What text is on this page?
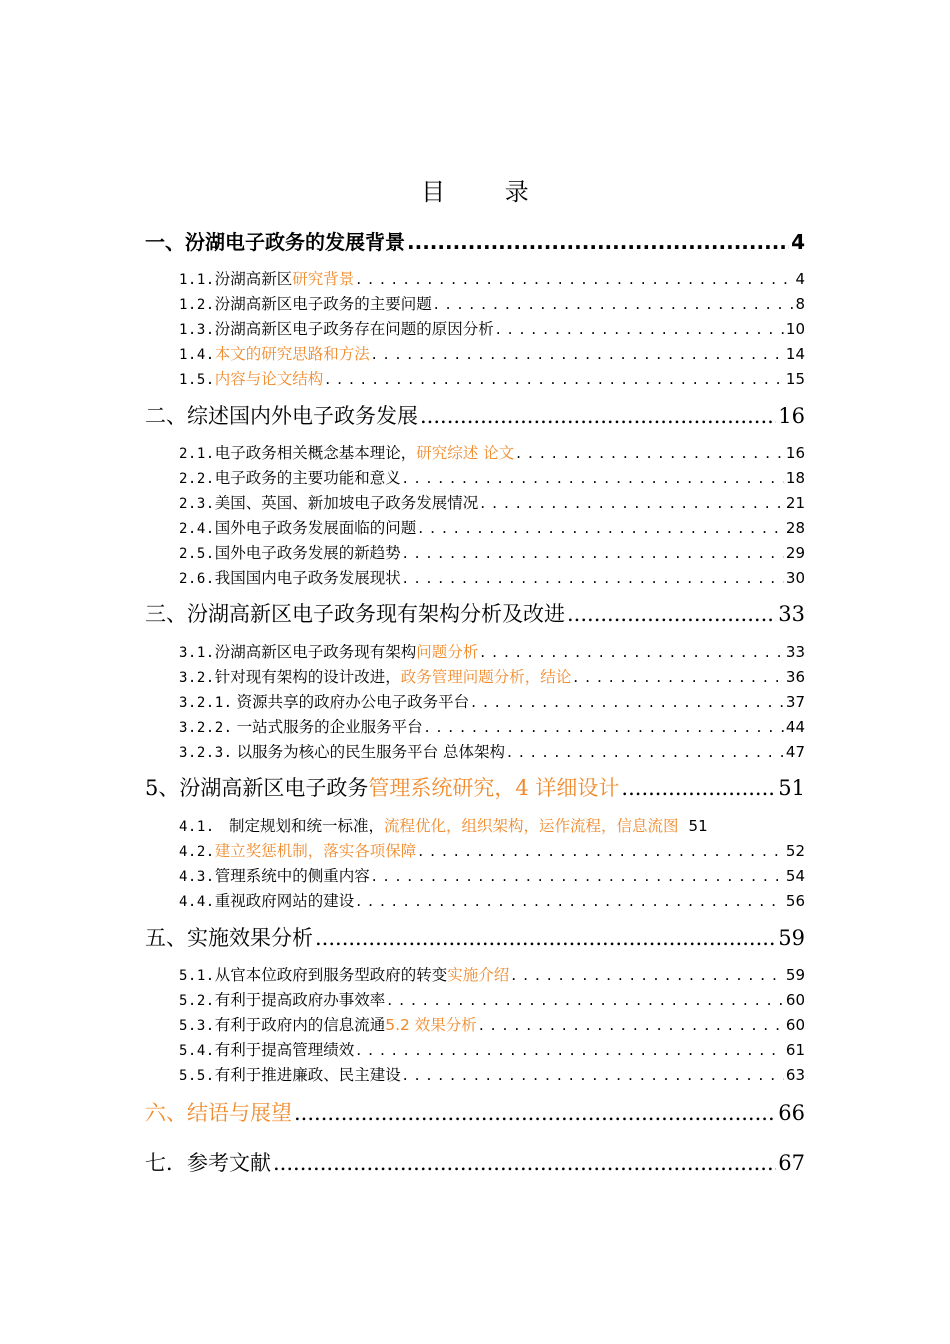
目 录
一、 汾湖电子政务的发展背景 .....	4
1.1. 汾湖高新区 研究背景 . . .	4
1.2. 汾湖高新区电子政务的主要问题 . . .	8
1.3. 汾湖高新区电子政务存在问题的原因分析 . . .	10
1.4. 本文的研究思路和方法 . . .	14
1.5. 内容与论文结构 . . .	15
二、 综述国内外电子政务发展 .....	16
2.1. 电子政务相关概念基本理论， 研究综述 论文 . . .	16
2.2. 电子政务的主要功能和意义 . . .	18
2.3. 美国、英国、新加坡电子政务发展情况 . . .	21
2.4. 国外电子政务发展面临的问题 . . .	28
2.5. 国外电子政务发展的新趋势 . . .	29
2.6. 我国国内电子政务发展现状 . . .	30
三、 汾湖高新区电子政务现有架构分析及改进 .....	33
3.1. 汾湖高新区电子政务现有架构 问题分析 . . .	33
3.2. 针对现有架构的设计改进， 政务管理问题分析，结论 . . .	36
3.2.1. 资源共享的政府办公电子政务平台 . . .	37
3.2.2. 一站式服务的企业服务平台 . . .	44
3.2.3. 以服务为核心的民生服务平台 总体架构 . . .	47
5、 汾湖高新区电子政务 管理系统研究，4 详细设计 .....	51
4.1. 制定规划和统一标准， 流程优化，组织架构，运作流程，信息流图 51
4.2. 建立奖惩机制，落实各项保障 . . .	52
4.3. 管理系统中的侧重内容 . . .	54
4.4. 重视政府网站的建设 . . .	56
五、 实施效果分析 .....	59
5.1. 从官本位政府到服务型政府的转变 实施介绍 . . .	59
5.2. 有利于提高政府办事效率 . . .	60
5.3. 有利于政府内的信息流通 5.2 效果分析 . . .	60
5.4. 有利于提高管理绩效 . . .	61
5.5. 有利于推进廉政、民主建设 . . .	63
六、 结语与展望 .....	66
七． 参考文献 .....	67
